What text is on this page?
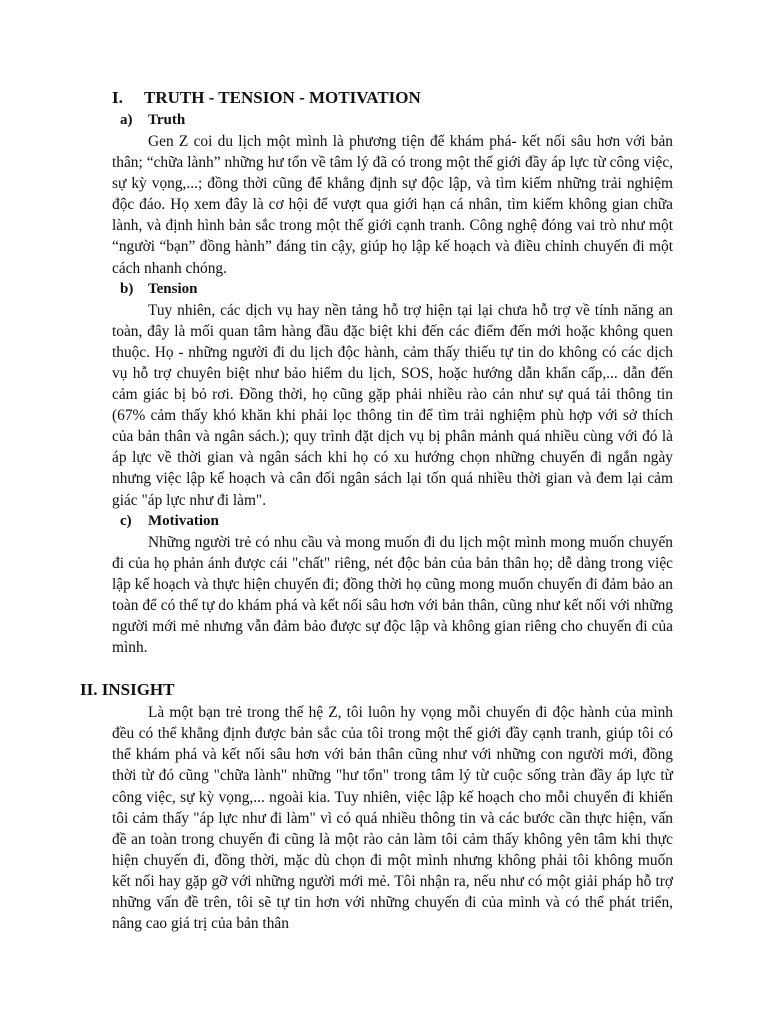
I.	TRUTH - TENSION - MOTIVATION
a)	Truth

Gen Z coi du lịch một mình là phương tiện để khám phá- kết nối sâu hơn với bản thân; “chữa lành” những hư tổn về tâm lý đã có trong một thế giới đầy áp lực từ công việc, sự kỳ vọng,...; đồng thời cũng để khẳng định sự độc lập, và tìm kiếm những trải nghiệm độc đáo. Họ xem đây là cơ hội để vượt qua giới hạn cá nhân, tìm kiếm không gian chữa lành, và định hình bản sắc trong một thế giới cạnh tranh. Công nghệ đóng vai trò như một “người “bạn” đồng hành” đáng tin cậy, giúp họ lập kế hoạch và điều chỉnh chuyến đi một cách nhanh chóng.

b) Tension

Tuy nhiên, các dịch vụ hay nền tảng hỗ trợ hiện tại lại chưa hỗ trợ về tính năng an toàn, đây là mối quan tâm hàng đầu đặc biệt khi đến các điểm đến mới hoặc không quen thuộc. Họ - những người đi du lịch độc hành, cảm thấy thiếu tự tin do không có các dịch vụ hỗ trợ chuyên biệt như bảo hiểm du lịch, SOS, hoặc hướng dẫn khẩn cấp,... dẫn đến cảm giác bị bỏ rơi. Đồng thời, họ cũng gặp phải nhiều rào cản như sự quá tải thông tin (67% cảm thấy khó khăn khi phải lọc thông tin để tìm trải nghiệm phù hợp với sở thích của bản thân và ngân sách.); quy trình đặt dịch vụ bị phân mảnh quá nhiều cùng với đó là áp lực về thời gian và ngân sách khi họ có xu hướng chọn những chuyến đi ngắn ngày nhưng việc lập kế hoạch và cân đối ngân sách lại tốn quá nhiều thời gian và đem lại cảm giác "áp lực như đi làm".

c)	Motivation

Những người trẻ có nhu cầu và mong muốn đi du lịch một mình mong muốn chuyến đi của họ phản ánh được cái "chất" riêng, nét độc bản của bản thân họ; dễ dàng trong việc lập kế hoạch và thực hiện chuyến đi; đồng thời họ cũng mong muốn chuyến đi đảm bảo an toàn để có thể tự do khám phá và kết nối sâu hơn với bản thân, cũng như kết nối với những người mới mẻ nhưng vẫn đảm bảo được sự độc lập và không gian riêng cho chuyến đi của mình.

II. INSIGHT

Là một bạn trẻ trong thế hệ Z, tôi luôn hy vọng mỗi chuyến đi độc hành của mình đều có thể khẳng định được bản sắc của tôi trong một thế giới đầy cạnh tranh, giúp tôi có thể khám phá và kết nối sâu hơn với bản thân cũng như với những con người mới, đồng thời từ đó cũng "chữa lành" những "hư tổn" trong tâm lý từ cuộc sống tràn đầy áp lực từ công việc, sự kỳ vọng,... ngoài kia. Tuy nhiên, việc lập kế hoạch cho mỗi chuyến đi khiến tôi cảm thấy "áp lực như đi làm" vì có quá nhiều thông tin và các bước cần thực hiện, vấn đề an toàn trong chuyến đi cũng là một rào cản làm tôi cảm thấy không yên tâm khi thực hiện chuyến đi, đồng thời, mặc dù chọn đi một mình nhưng không phải tôi không muốn kết nối hay gặp gỡ với những người mới mẻ. Tôi nhận ra, nếu như có một giải pháp hỗ trợ những vấn đề trên, tôi sẽ tự tin hơn với những chuyến đi của mình và có thể phát triển, nâng cao giá trị của bản thân
